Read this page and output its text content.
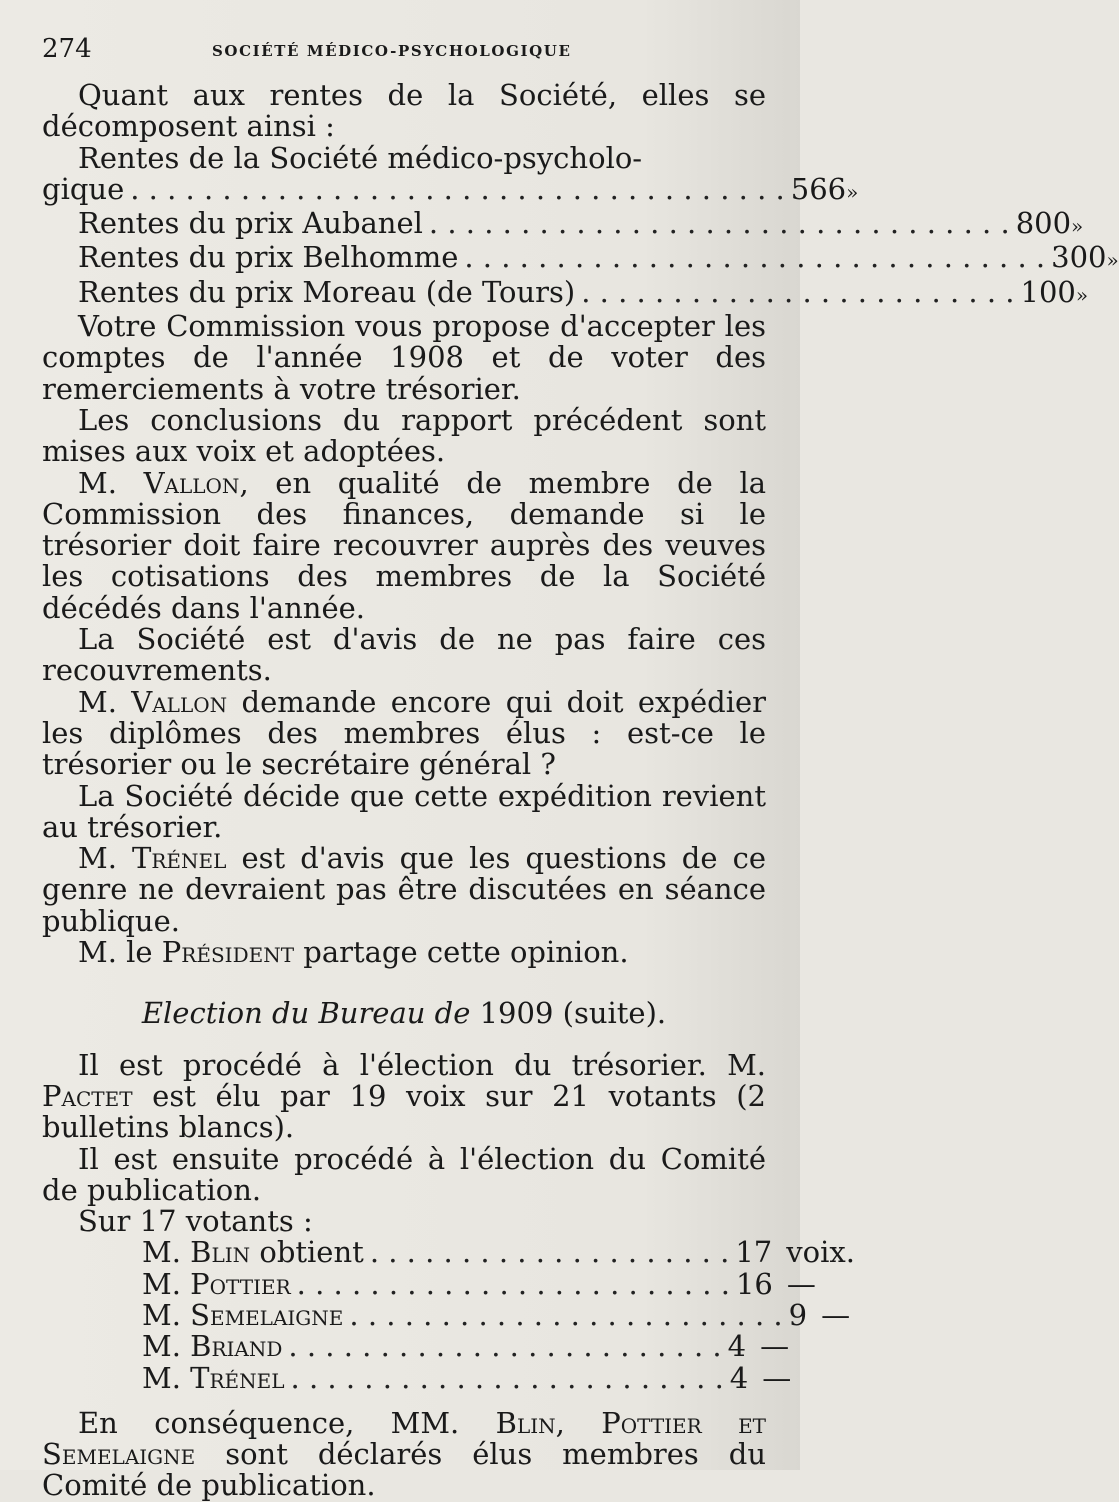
274	SOCIÉTÉ MÉDICO-PSYCHOLOGIQUE

Quant aux rentes de la Société, elles se décomposent ainsi :

Rentes de la Société médico-psycholo-

gique . . . . . . . . . . . . . . . . . . . . . . . . . . . . . . . . . . . . 566 »
Rentes du prix Aubanel . . . . . . . . . . . . . . . . . . . . . . . . . . . . . . . . 800 »
Rentes du prix Belhomme . . . . . . . . . . . . . . . . . . . . . . . . . . . . . . . . 300 »
Rentes du prix Moreau (de Tours) . . . . . . . . . . . . . . . . . . . . . . . . 100 »

Votre Commission vous propose d'accepter les comptes de l'année 1908 et de voter des remerciements à votre trésorier.

Les conclusions du rapport précédent sont mises aux voix et adoptées.

M. Vallon, en qualité de membre de la Commission des finances, demande si le trésorier doit faire recouvrer auprès des veuves les cotisations des membres de la Société décédés dans l'année.

La Société est d'avis de ne pas faire ces recouvrements.

M. Vallon demande encore qui doit expédier les diplômes des membres élus : est-ce le trésorier ou le secrétaire général ?

La Société décide que cette expédition revient au trésorier.

M. Trénel est d'avis que les questions de ce genre ne devraient pas être discutées en séance publique.

M. le Président partage cette opinion.

Election du Bureau de 1909 (suite).

Il est procédé à l'élection du trésorier. M. Pactet est élu par 19 voix sur 21 votants (2 bulletins blancs).

Il est ensuite procédé à l'élection du Comité de publication.

Sur 17 votants :

M. Blin obtient . . . . . . . . . . . . . . . . . . . . 17 voix.
M. Pottier . . . . . . . . . . . . . . . . . . . . . . . . 16 —
M. Semelaigne . . . . . . . . . . . . . . . . . . . . . . . . 9 —
M. Briand . . . . . . . . . . . . . . . . . . . . . . . . 4 —
M. Trénel . . . . . . . . . . . . . . . . . . . . . . . . 4 —

En conséquence, MM. Blin, Pottier et Semelaigne sont déclarés élus membres du Comité de publication.
